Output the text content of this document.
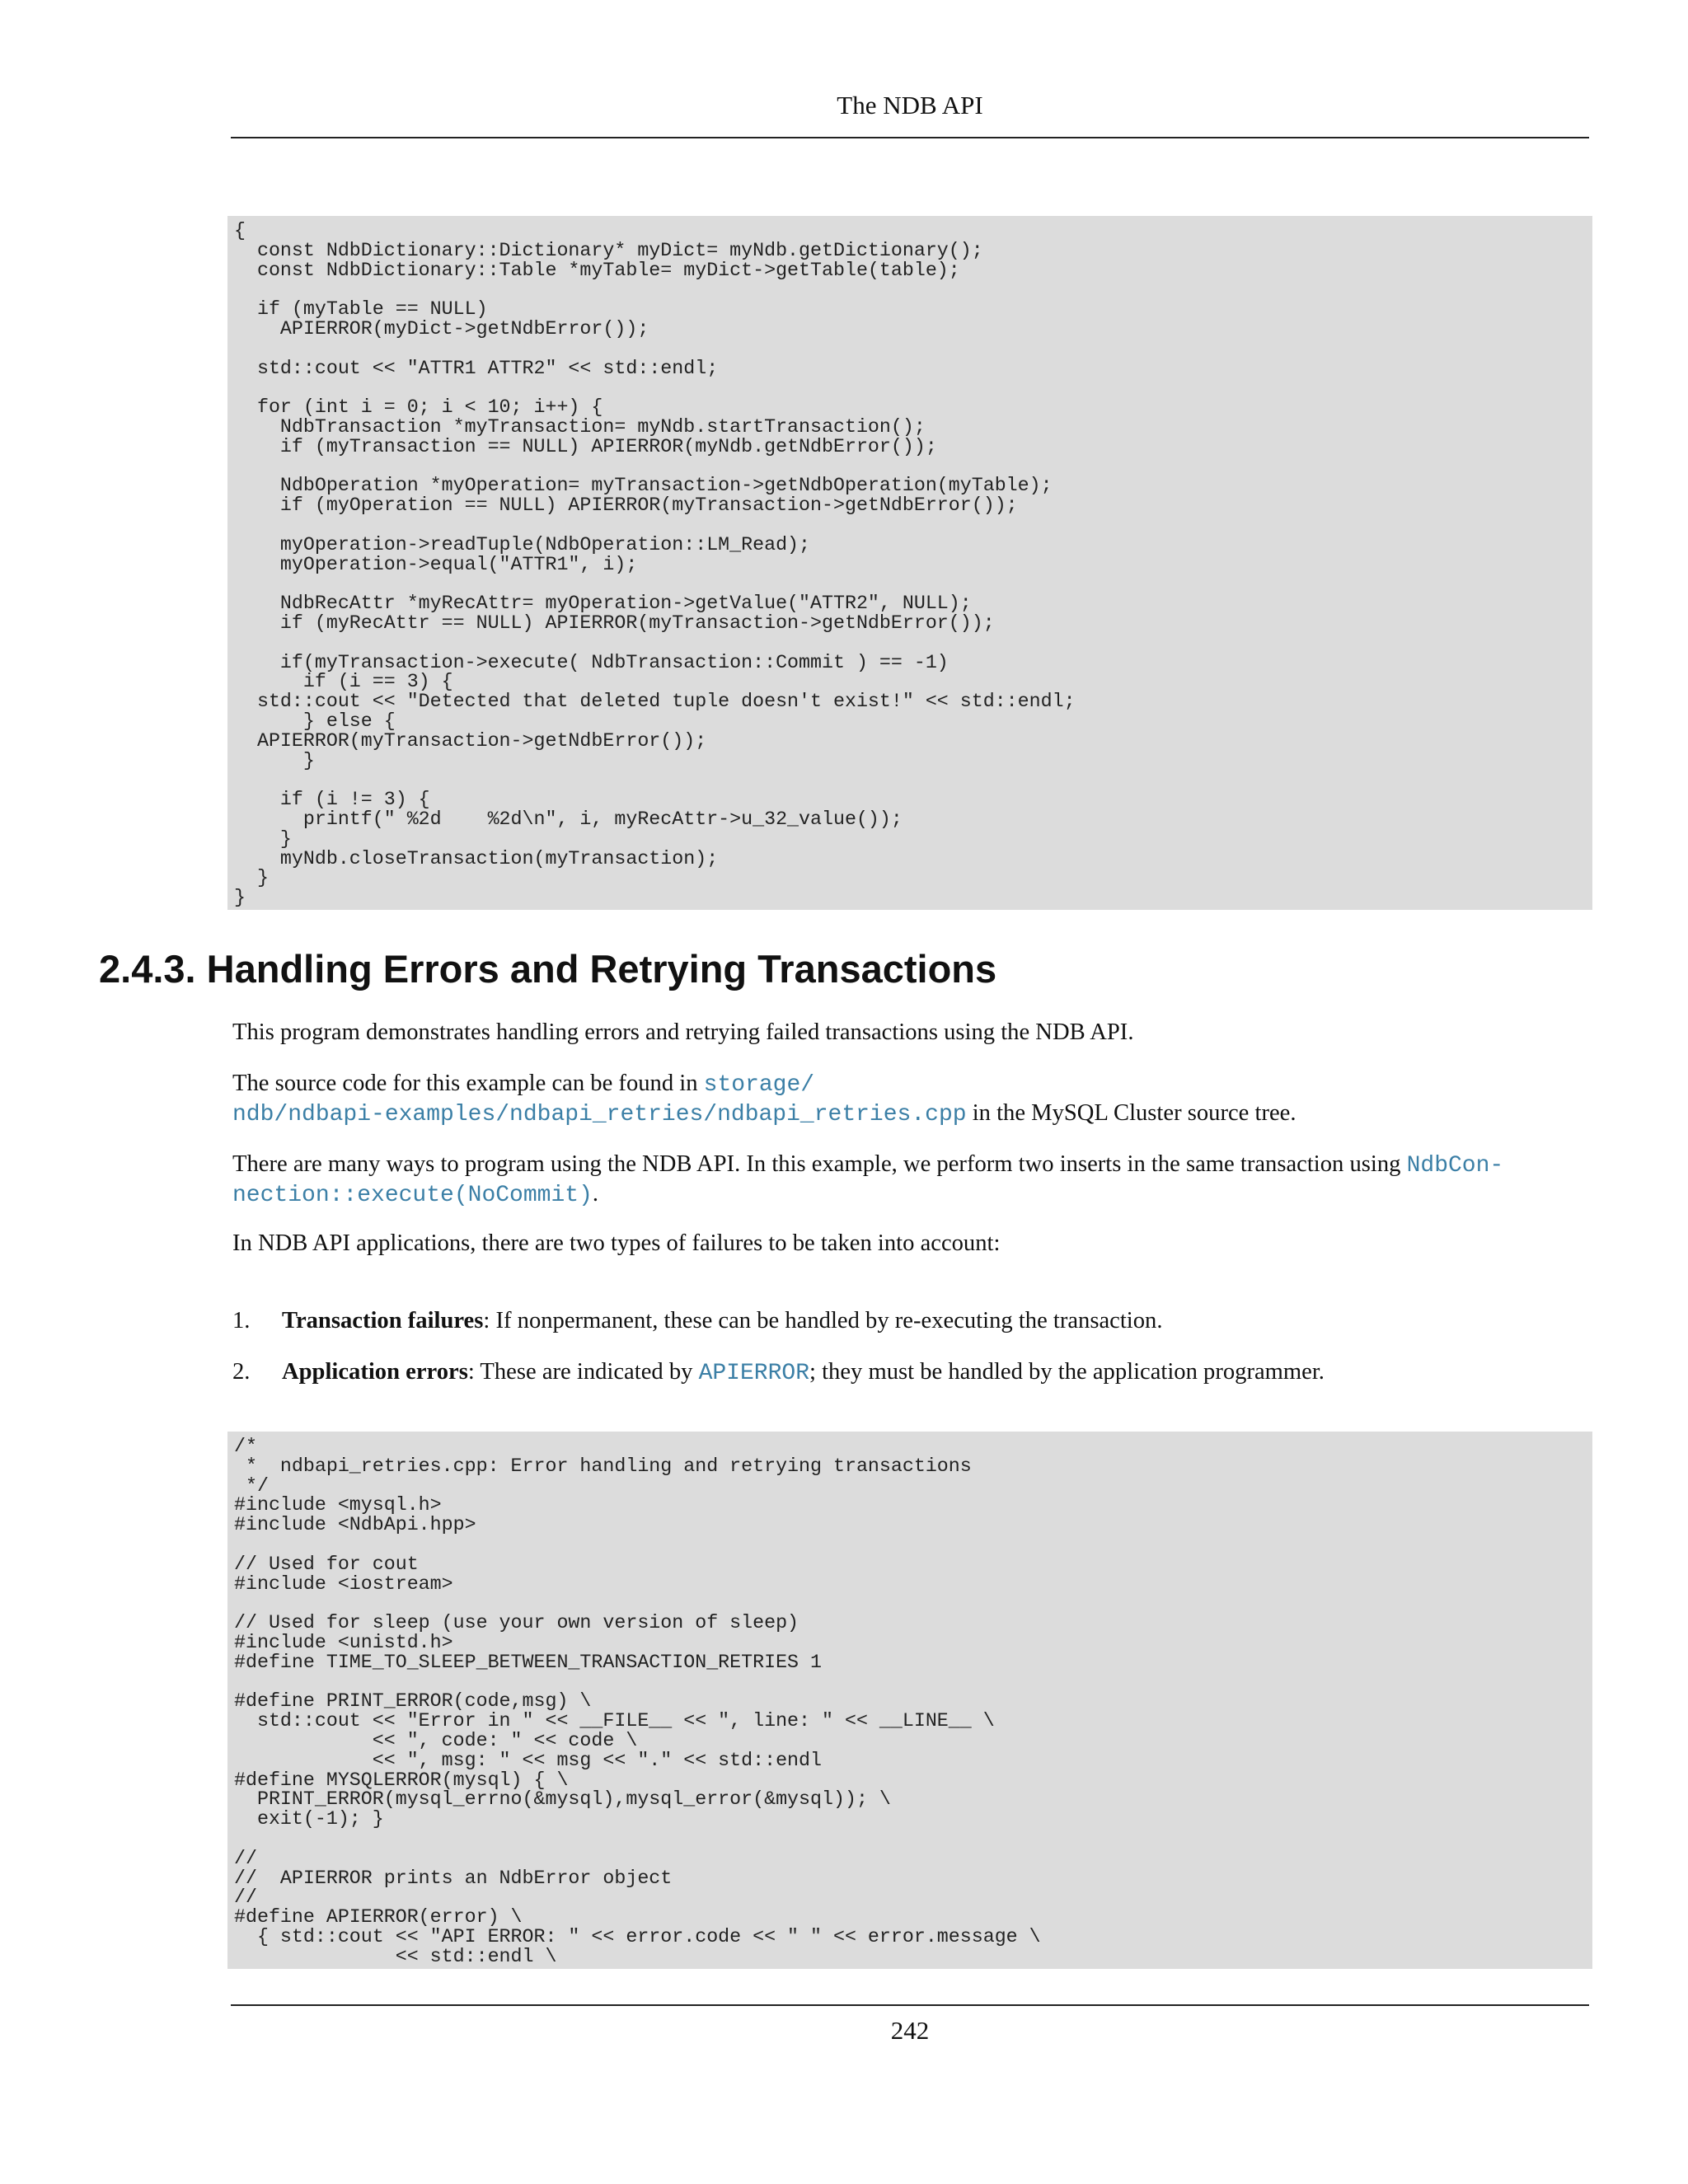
The NDB API
{
const NdbDictionary::Dictionary* myDict= myNdb.getDictionary();
const NdbDictionary::Table *myTable= myDict->getTable(table);

if (myTable == NULL)
APIERROR(myDict->getNdbError());

std::cout << "ATTR1 ATTR2" << std::endl;

for (int i = 0; i < 10; i++) {
NdbTransaction *myTransaction= myNdb.startTransaction();
if (myTransaction == NULL) APIERROR(myNdb.getNdbError());

NdbOperation *myOperation= myTransaction->getNdbOperation(myTable);
if (myOperation == NULL) APIERROR(myTransaction->getNdbError());

myOperation->readTuple(NdbOperation::LM_Read);
myOperation->equal("ATTR1", i);

NdbRecAttr *myRecAttr= myOperation->getValue("ATTR2", NULL);
if (myRecAttr == NULL) APIERROR(myTransaction->getNdbError());

if(myTransaction->execute( NdbTransaction::Commit ) == -1)
if (i == 3) {
std::cout << "Detected that deleted tuple doesn't exist!" << std::endl;
} else {
APIERROR(myTransaction->getNdbError());
}

if (i != 3) {
printf(" %2d    %2d\n", i, myRecAttr->u_32_value());
}
myNdb.closeTransaction(myTransaction);
}
}
2.4.3. Handling Errors and Retrying Transactions

This program demonstrates handling errors and retrying failed transactions using the NDB API.

The source code for this example can be found in storage/
ndb/ndbapi-examples/ndbapi_retries/ndbapi_retries.cpp in the MySQL Cluster source tree.

There are many ways to program using the NDB API. In this example, we perform two inserts in the same transaction using NdbCon-
nection::execute(NoCommit).

In NDB API applications, there are two types of failures to be taken into account:

1. Transaction failures: If nonpermanent, these can be handled by re-executing the transaction.
2. Application errors: These are indicated by APIERROR; they must be handled by the application programmer.
/*
*  ndbapi_retries.cpp: Error handling and retrying transactions
*/
#include <mysql.h>
#include <NdbApi.hpp>

// Used for cout
#include <iostream>

// Used for sleep (use your own version of sleep)
#include <unistd.h>
#define TIME_TO_SLEEP_BETWEEN_TRANSACTION_RETRIES 1

#define PRINT_ERROR(code,msg) \
std::cout << "Error in " << __FILE__ << ", line: " << __LINE__ \
<< ", code: " << code \
<< ", msg: " << msg << "." << std::endl
#define MYSQLERROR(mysql) { \
PRINT_ERROR(mysql_errno(&mysql),mysql_error(&mysql)); \
exit(-1); }

//
//  APIERROR prints an NdbError object
//
#define APIERROR(error) \
{ std::cout << "API ERROR: " << error.code << " " << error.message \
<< std::endl \
242
